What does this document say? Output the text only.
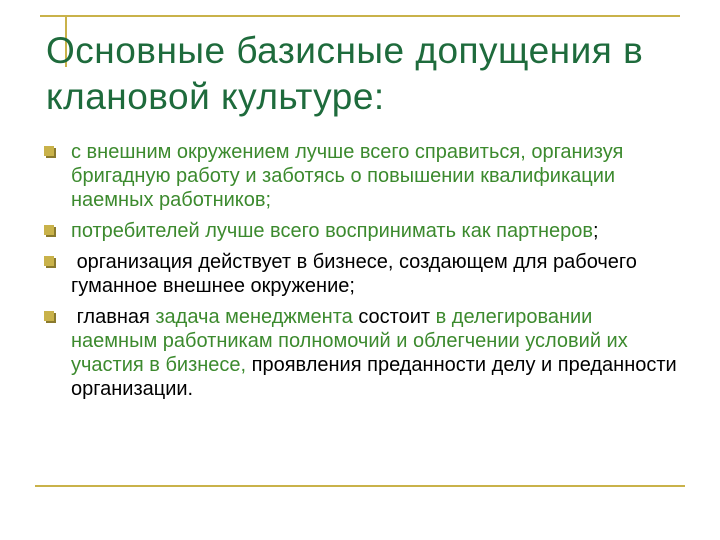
Основные базисные допущения в клановой культуре:
с внешним окружением лучше всего справиться, организуя бригадную работу и заботясь о повышении квалификации наемных работников;
потребителей лучше всего воспринимать как партнеров;
организация действует в бизнесе, создающем для рабочего гуманное внешнее окружение;
главная задача менеджмента состоит в делегировании наемным работникам полномочий и облегчении условий их участия в бизнесе, проявления преданности делу и преданности организации.
